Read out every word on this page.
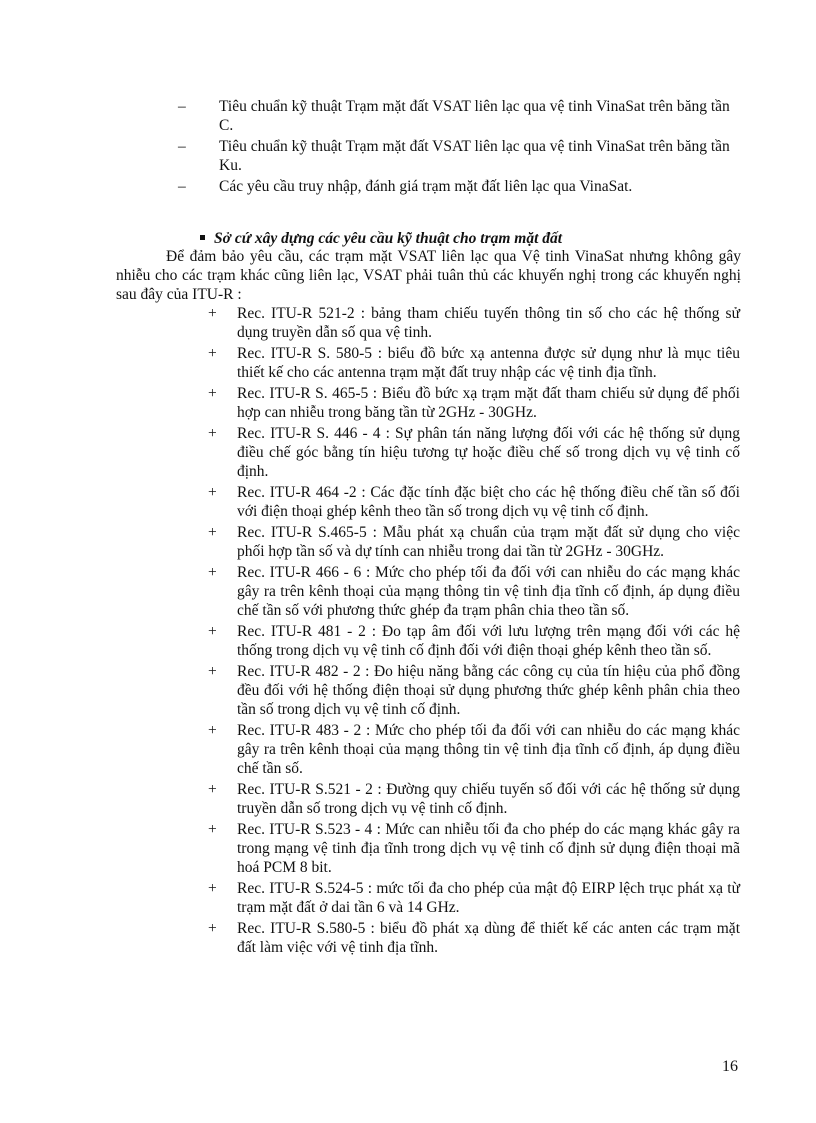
– Tiêu chuẩn kỹ thuật Trạm mặt đất VSAT liên lạc qua vệ tinh VinaSat trên băng tần C.
– Tiêu chuẩn kỹ thuật Trạm mặt đất VSAT liên lạc qua vệ tinh VinaSat trên băng tần Ku.
– Các yêu cầu truy nhập, đánh giá trạm mặt đất liên lạc qua VinaSat.
Sở cứ xây dựng các yêu cầu kỹ thuật cho trạm mặt đất

Để đảm bảo yêu cầu, các trạm mặt VSAT liên lạc qua Vệ tinh VinaSat nhưng không gây nhiễu cho các trạm khác cũng liên lạc, VSAT phải tuân thủ các khuyến nghị trong các khuyến nghị sau đây của ITU-R :

+ Rec. ITU-R 521-2 : bảng tham chiếu tuyến thông tin số cho các hệ thống sử dụng truyền dẫn số qua vệ tinh.
+ Rec. ITU-R S. 580-5 : biểu đồ bức xạ antenna được sử dụng như là mục tiêu thiết kế cho các antenna trạm mặt đất truy nhập các vệ tinh địa tĩnh.
+ Rec. ITU-R S. 465-5 : Biểu đồ bức xạ trạm mặt đất tham chiếu sử dụng để phối hợp can nhiễu trong băng tần từ 2GHz - 30GHz.
+ Rec. ITU-R S. 446 - 4 : Sự phân tán năng lượng đối với các hệ thống sử dụng điều chế góc bằng tín hiệu tương tự hoặc điều chế số trong dịch vụ vệ tinh cố định.
+ Rec. ITU-R 464 -2 : Các đặc tính đặc biệt cho các hệ thống điều chế tần số đối với điện thoại ghép kênh theo tần số trong dịch vụ vệ tinh cố định.
+ Rec. ITU-R S.465-5 : Mẫu phát xạ chuẩn của trạm mặt đất sử dụng cho việc phối hợp tần số và dự tính can nhiễu trong dai tần từ 2GHz - 30GHz.
+ Rec. ITU-R 466 - 6 : Mức cho phép tối đa đối với can nhiễu do các mạng khác gây ra trên kênh thoại của mạng thông tin vệ tinh địa tĩnh cố định, áp dụng điều chế tần số với phương thức ghép đa trạm phân chia theo tần số.
+ Rec. ITU-R 481 - 2 : Đo tạp âm đối với lưu lượng trên mạng đối với các hệ thống trong dịch vụ vệ tinh cố định đối với điện thoại ghép kênh theo tần số.
+ Rec. ITU-R 482 - 2 : Đo hiệu năng bằng các công cụ của tín hiệu của phổ đồng đều đối với hệ thống điện thoại sử dụng phương thức ghép kênh phân chia theo tần số trong dịch vụ vệ tinh cố định.
+ Rec. ITU-R 483 - 2 : Mức cho phép tối đa đối với can nhiễu do các mạng khác gây ra trên kênh thoại của mạng thông tin vệ tinh địa tĩnh cố định, áp dụng điều chế tần số.
+ Rec. ITU-R S.521 - 2 : Đường quy chiếu tuyến số đối với các hệ thống sử dụng truyền dẫn số trong dịch vụ vệ tinh cố định.
+ Rec. ITU-R S.523 - 4 : Mức can nhiễu tối đa cho phép do các mạng khác gây ra trong mạng vệ tinh địa tĩnh trong dịch vụ vệ tinh cố định sử dụng điện thoại mã hoá PCM 8 bit.
+ Rec. ITU-R S.524-5 : mức tối đa cho phép của mật độ EIRP lệch trục phát xạ từ trạm mặt đất ở dai tần 6 và 14 GHz.
+ Rec. ITU-R S.580-5 : biểu đồ phát xạ dùng để thiết kế các anten các trạm mặt đất làm việc với vệ tinh địa tĩnh.
16
